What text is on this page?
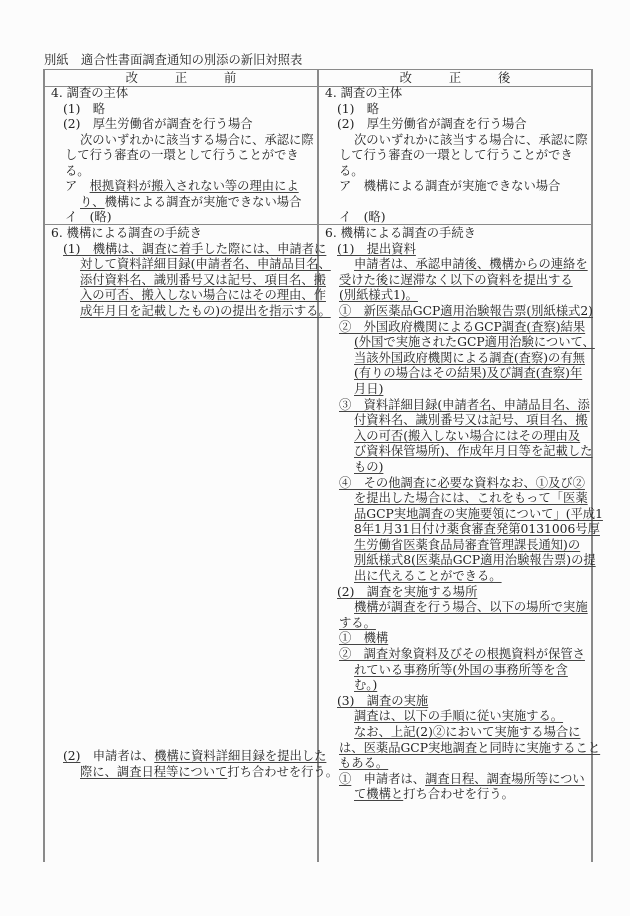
別紙　適合性書面調査通知の別添の新旧対照表
改　　　正　　　前	改　　　正　　　後
4. 調査の主体
(1)　略
(2)　厚生労働省が調査を行う場合
次のいずれかに該当する場合に、承認に際
して行う審査の一環として行うことができ
る。
ア　根拠資料が搬入されない等の理由によ
り、機構による調査が実施できない場合
イ　(略)
4. 調査の主体
(1)　略
(2)　厚生労働省が調査を行う場合
次のいずれかに該当する場合に、承認に際
して行う審査の一環として行うことができ
る。
ア　機構による調査が実施できない場合
イ　(略)
6. 機構による調査の手続き
(1)　機構は、調査に着手した際には、申請者に
対して資料詳細目録(申請者名、申請品目名、
添付資料名、識別番号又は記号、項目名、搬
入の可否、搬入しない場合にはその理由、作
成年月日を記載したもの)の提出を指示する。
(2)　申請者は、機構に資料詳細目録を提出した
際に、調査日程等について打ち合わせを行う。
6. 機構による調査の手続き
(1)　提出資料
申請者は、承認申請後、機構からの連絡を
受けた後に遅滞なく以下の資料を提出する
(別紙様式1)。
①　新医薬品GCP適用治験報告票(別紙様式2)
②　外国政府機関によるGCP調査(査察)結果
(外国で実施されたGCP適用治験について、
当該外国政府機関による調査(査察)の有無
(有りの場合はその結果)及び調査(査察)年
月日)
③　資料詳細目録(申請者名、申請品目名、添
付資料名、識別番号又は記号、項目名、搬
入の可否(搬入しない場合にはその理由及
び資料保管場所)、作成年月日等を記載した
もの)
④　その他調査に必要な資料なお、①及び②
を提出した場合には、これをもって「医薬
品GCP実地調査の実施要領について」(平成1
8年1月31日付け薬食審査発第0131006号厚
生労働省医薬食品局審査管理課長通知)の
別紙様式8(医薬品GCP適用治験報告票)の提
出に代えることができる。
(2)　調査を実施する場所
機構が調査を行う場合、以下の場所で実施
する。
①　機構
②　調査対象資料及びその根拠資料が保管さ
れている事務所等(外国の事務所等を含
む。)
(3)　調査の実施
調査は、以下の手順に従い実施する。
なお、上記(2)②において実施する場合に
は、医薬品GCP実地調査と同時に実施すること
もある。
①　申請者は、調査日程、調査場所等につい
て機構と打ち合わせを行う。
